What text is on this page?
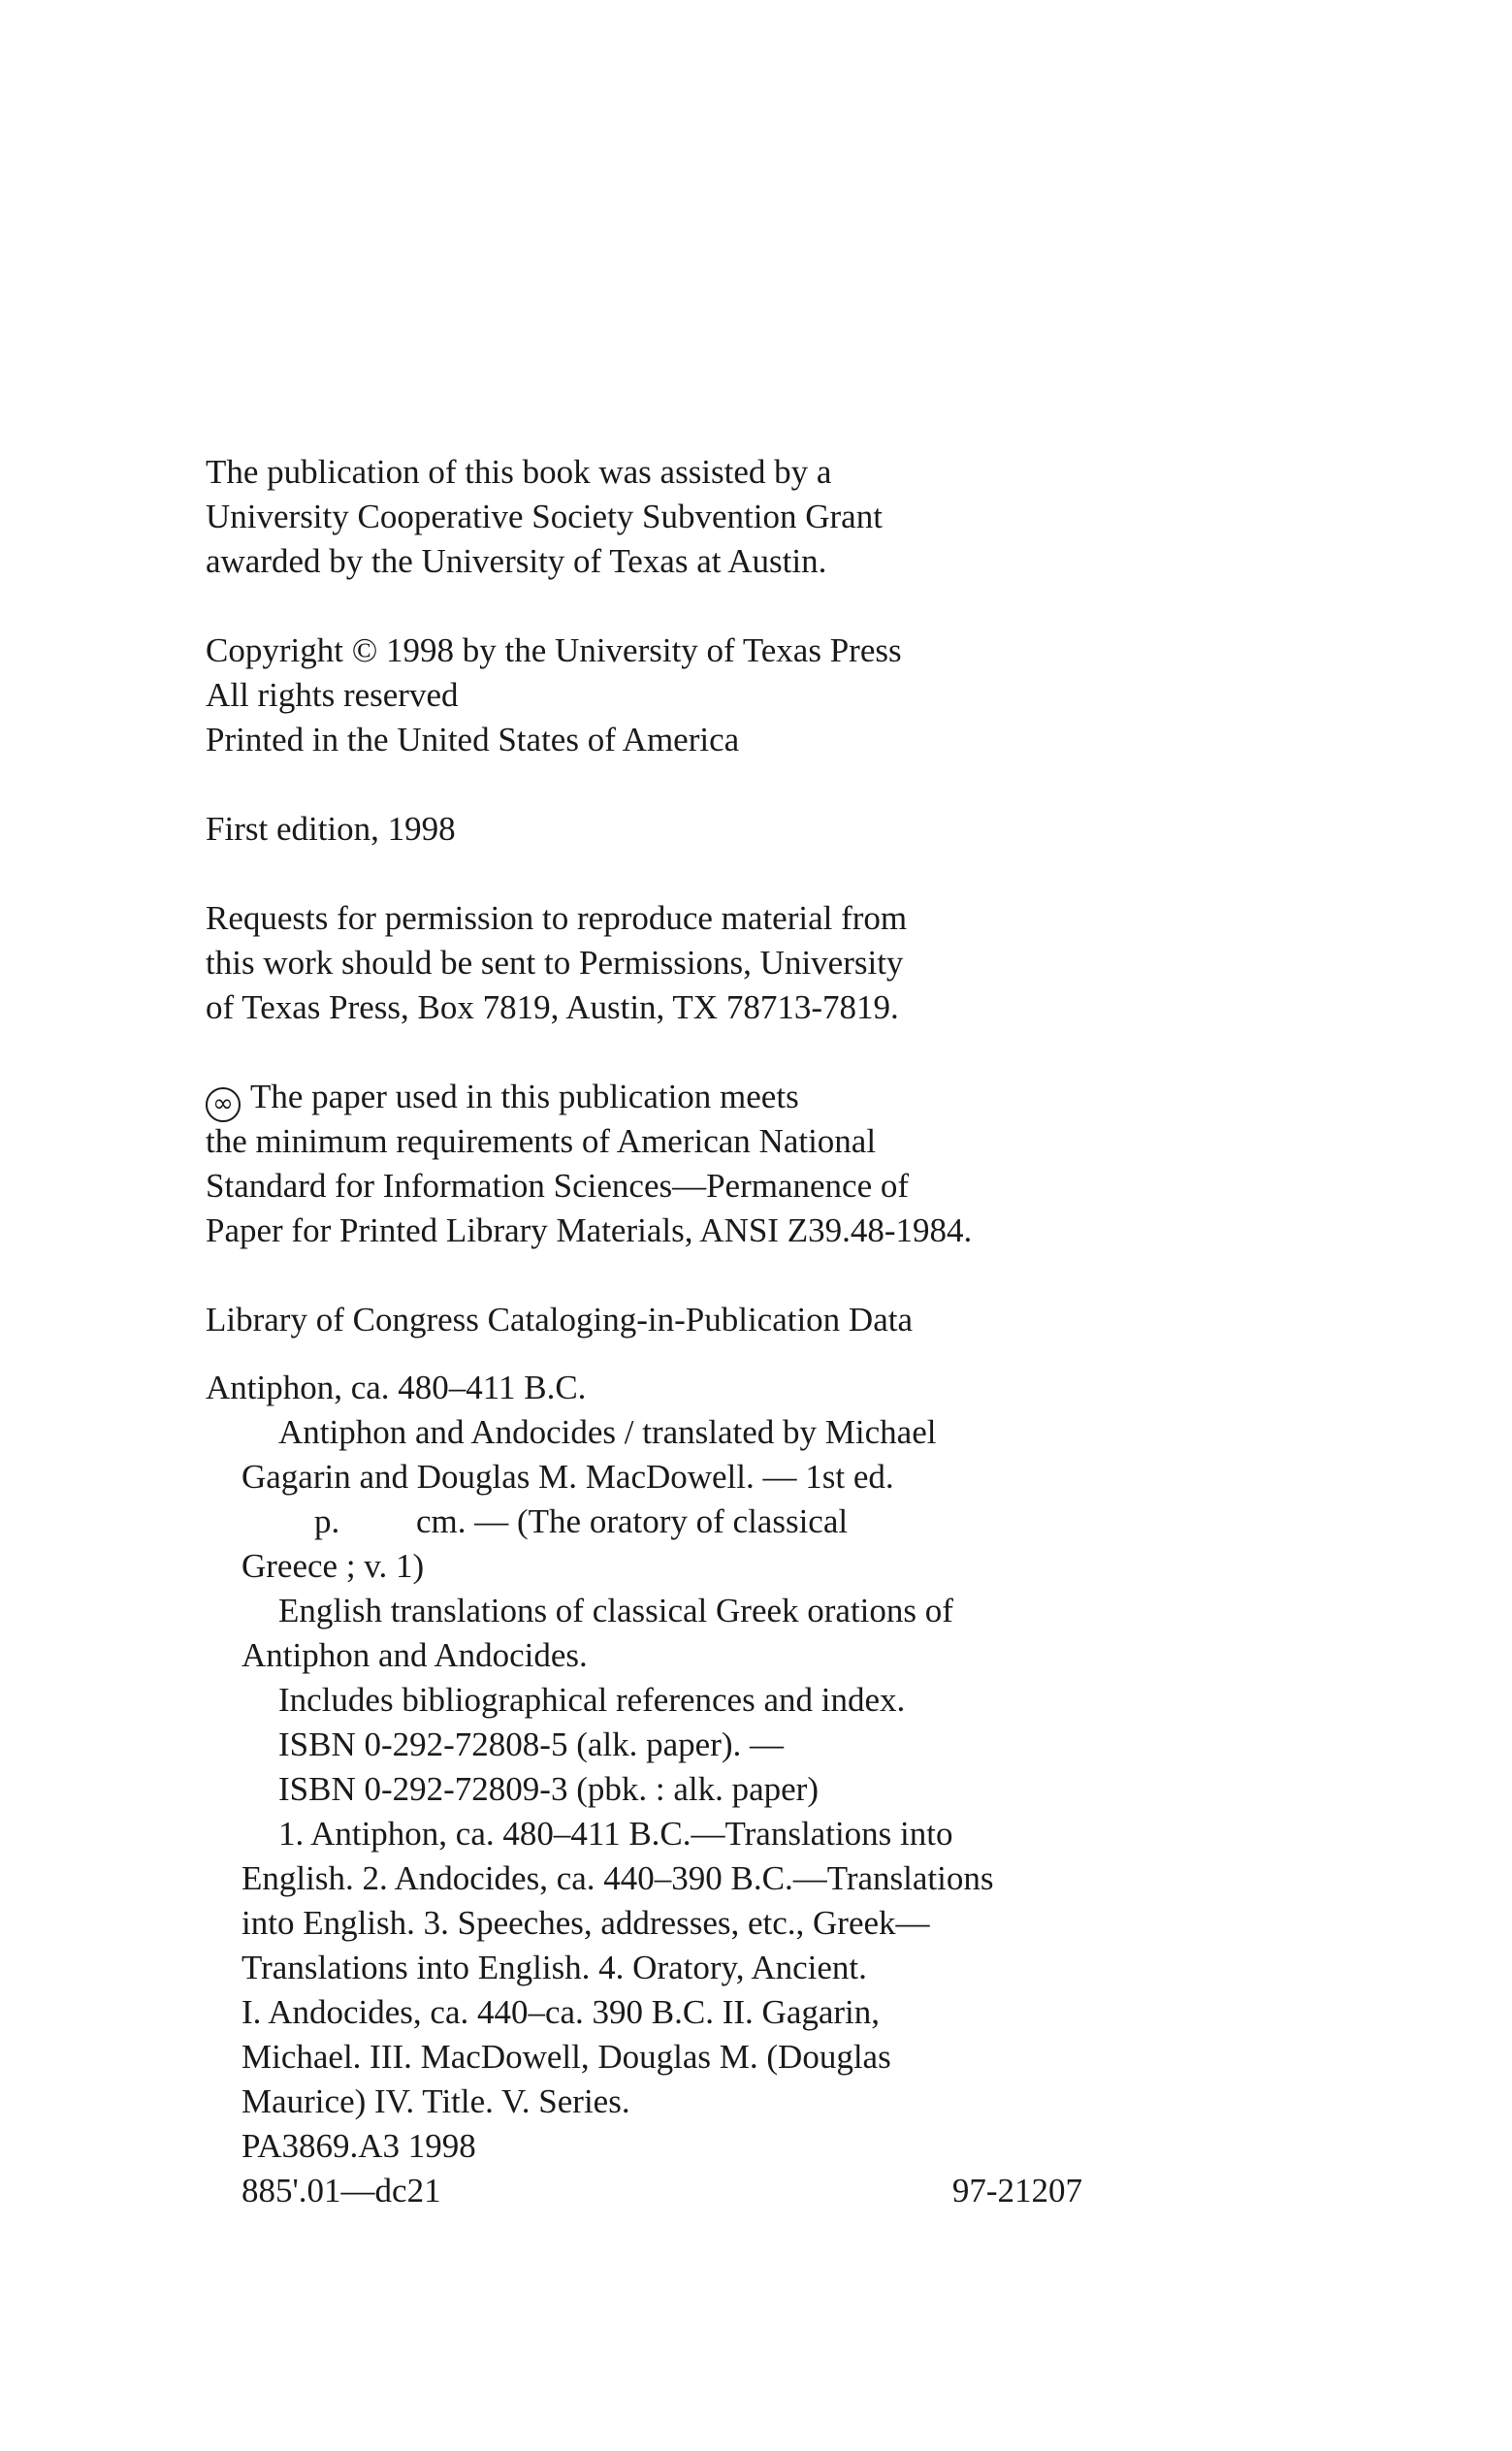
The publication of this book was assisted by a
University Cooperative Society Subvention Grant
awarded by the University of Texas at Austin.
Copyright © 1998 by the University of Texas Press
All rights reserved
Printed in the United States of America
First edition, 1998
Requests for permission to reproduce material from
this work should be sent to Permissions, University
of Texas Press, Box 7819, Austin, TX 78713-7819.
∞ The paper used in this publication meets
the minimum requirements of American National
Standard for Information Sciences—Permanence of
Paper for Printed Library Materials, ANSI Z39.48-1984.
Library of Congress Cataloging-in-Publication Data
Antiphon, ca. 480–411 B.C.
Antiphon and Andocides / translated by Michael
Gagarin and Douglas M. MacDowell. — 1st ed.
p. cm. — (The oratory of classical
Greece ; v. 1)
English translations of classical Greek orations of
Antiphon and Andocides.
Includes bibliographical references and index.
ISBN 0-292-72808-5 (alk. paper). —
ISBN 0-292-72809-3 (pbk. : alk. paper)
1. Antiphon, ca. 480–411 B.C.—Translations into
English. 2. Andocides, ca. 440–390 B.C.—Translations
into English. 3. Speeches, addresses, etc., Greek—
Translations into English. 4. Oratory, Ancient.
I. Andocides, ca. 440–ca. 390 B.C. II. Gagarin,
Michael. III. MacDowell, Douglas M. (Douglas
Maurice) IV. Title. V. Series.
PA3869.A3 1998
885'.01—dc21	97-21207
